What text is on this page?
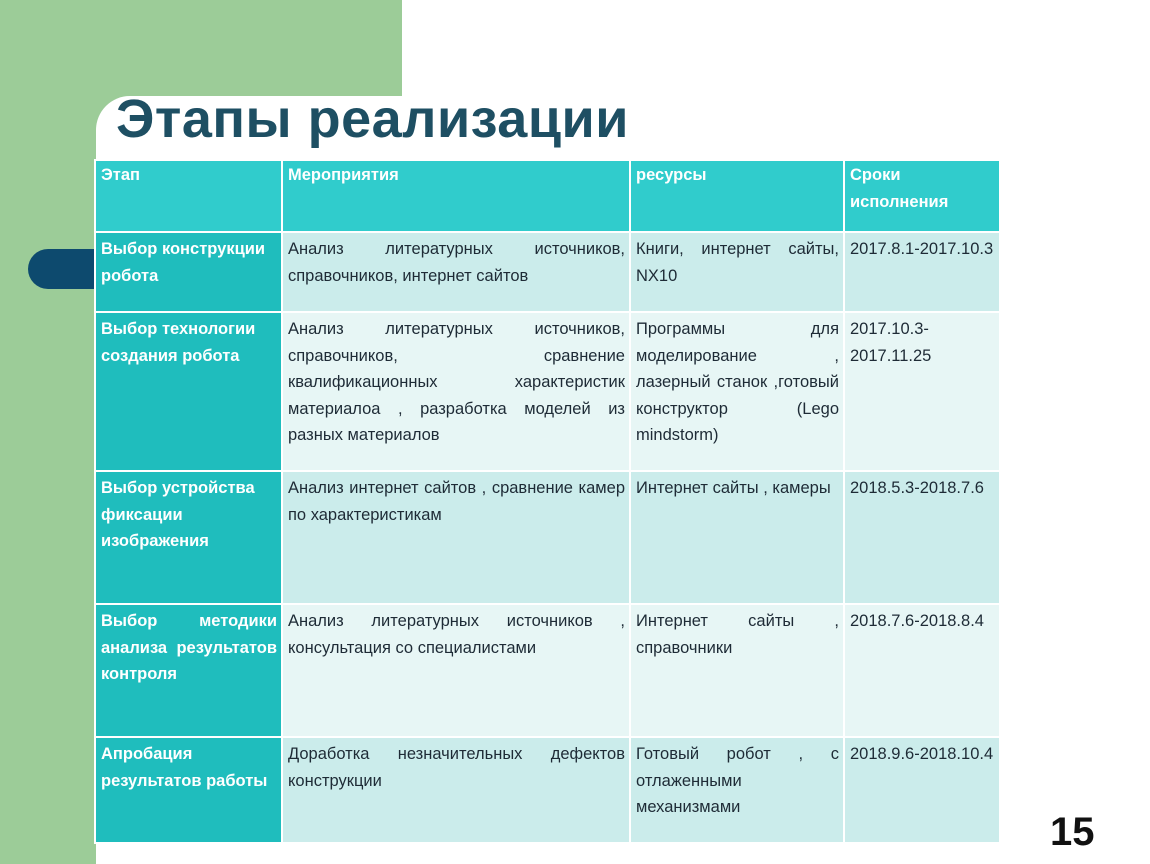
Этапы реализации
Этап	Мероприятия	ресурсы	Сроки исполнения
Выбор конструкции робота	Анализ литературных источников, справочников, интернет сайтов	Книги, интернет сайты, NX10	2017.8.1-2017.10.3
Выбор технологии создания робота	Анализ литературных источников, справочников, сравнение квалификационных характеристик материалоа , разработка моделей из разных материалов	Программы для моделирование , лазерный станок ,готовый конструктор (Lego mindstorm)	2017.10.3-2017.11.25
Выбор устройства фиксации изображения	Анализ интернет сайтов , сравнение камер по характеристикам	Интернет сайты , камеры	2018.5.3-2018.7.6
Выбор методики анализа результатов контроля	Анализ литературных источников , консультация со специалистами	Интернет сайты , справочники	2018.7.6-2018.8.4
Апробация результатов работы	Доработка незначительных дефектов конструкции	Готовый робот , с отлаженными механизмами	2018.9.6-2018.10.4
15
